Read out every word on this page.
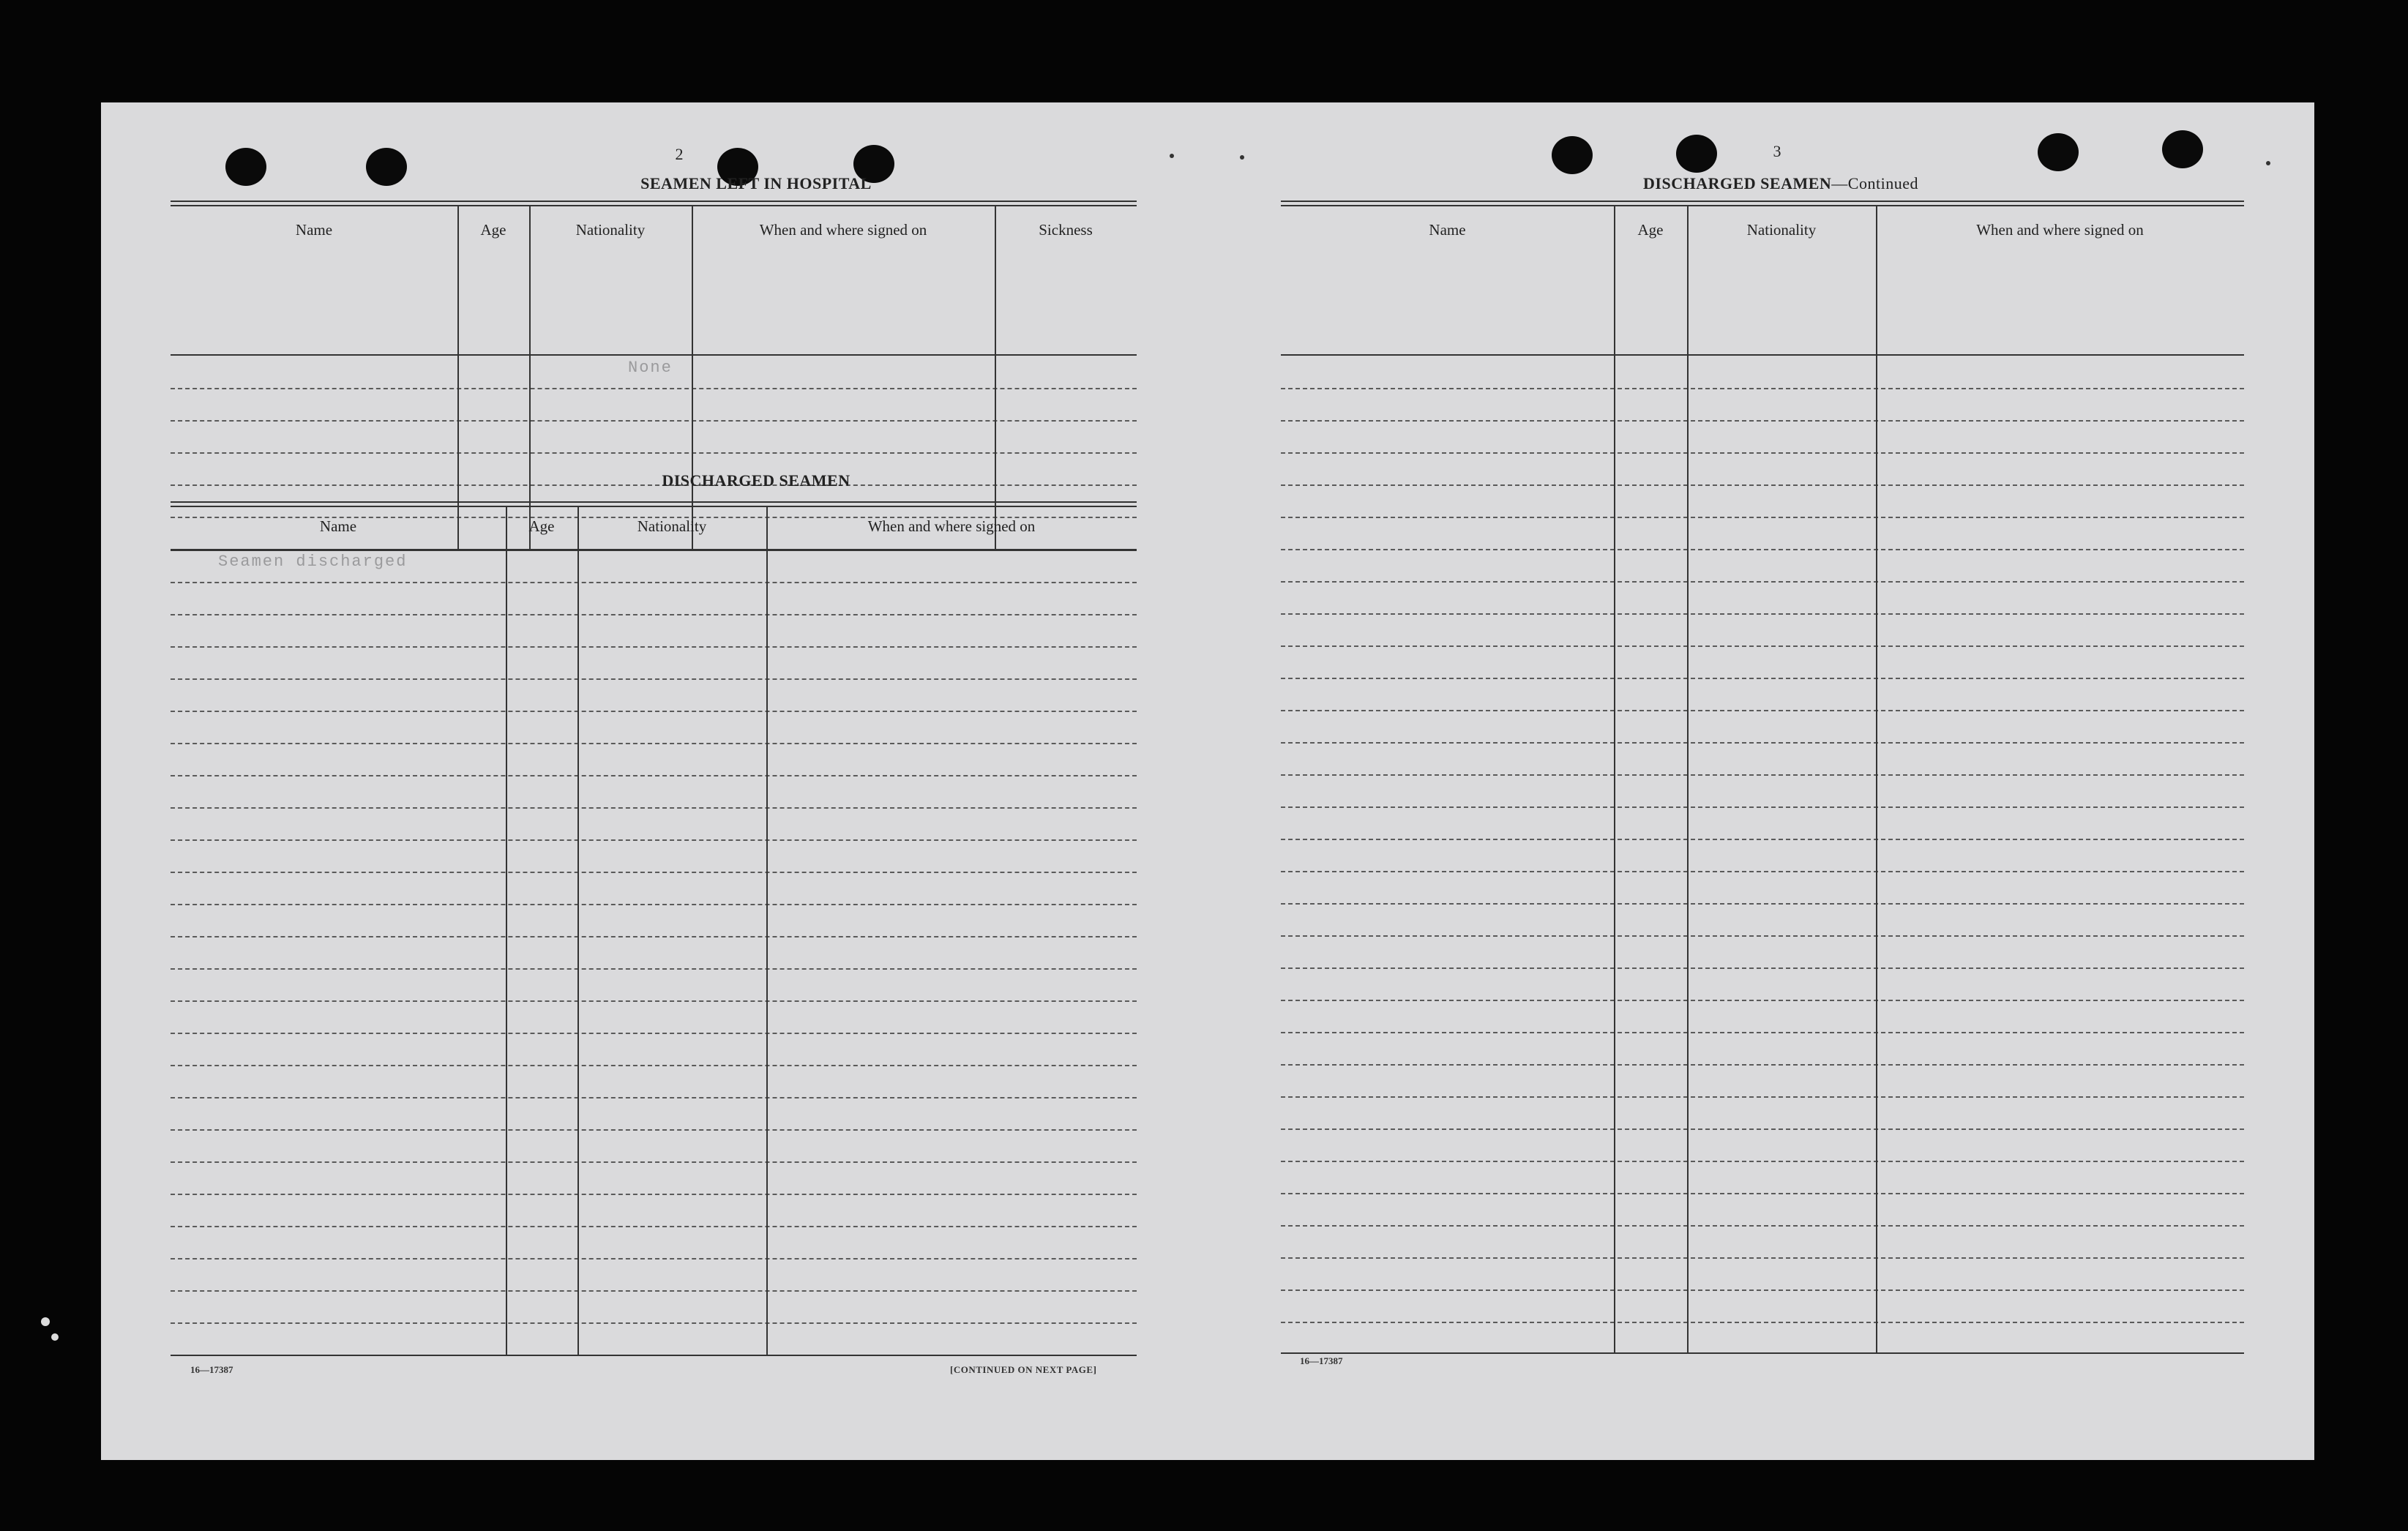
2
SEAMEN LEFT IN HOSPITAL
Name	Age	Nationality	When and where signed on	Sickness
None
DISCHARGED SEAMEN
Name	Age	Nationality	When and where signed on
Seamen discharged
16—17387	[CONTINUED ON NEXT PAGE]
3
DISCHARGED SEAMEN—Continued
Name	Age	Nationality	When and where signed on
16—17387
